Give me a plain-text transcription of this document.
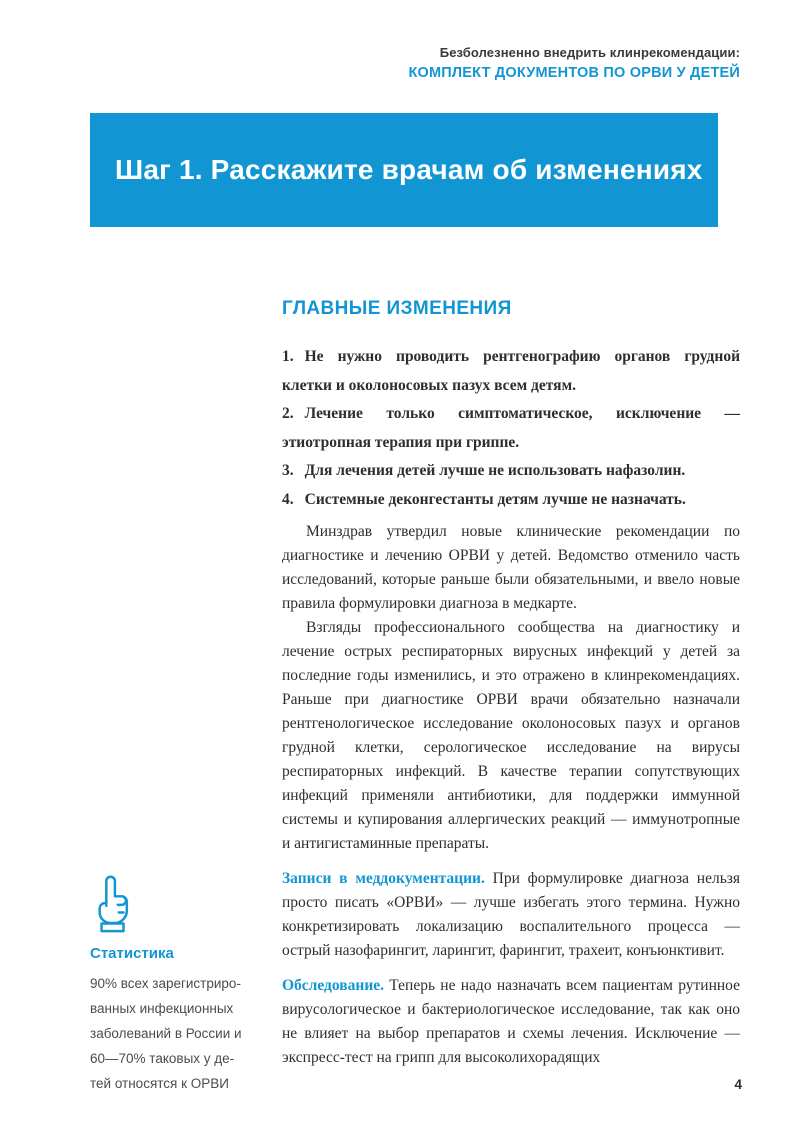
Безболезненно внедрить клинрекомендации:
КОМПЛЕКТ ДОКУМЕНТОВ ПО ОРВИ У ДЕТЕЙ
Шаг 1. Расскажите врачам об изменениях
Статистика
90% всех зарегистрированных инфекционных заболеваний в России и 60—70% таковых у детей относятся к ОРВИ
ГЛАВНЫЕ ИЗМЕНЕНИЯ
1. Не нужно проводить рентгенографию органов грудной клетки и околоносовых пазух всем детям.
2. Лечение только симптоматическое, исключение — этиотропная терапия при гриппе.
3. Для лечения детей лучше не использовать нафазолин.
4. Системные деконгестанты детям лучше не назначать.

Минздрав утвердил новые клинические рекомендации по диагностике и лечению ОРВИ у детей. Ведомство отменило часть исследований, которые раньше были обязательными, и ввело новые правила формулировки диагноза в медкарте.

Взгляды профессионального сообщества на диагностику и лечение острых респираторных вирусных инфекций у детей за последние годы изменились, и это отражено в клинрекомендациях. Раньше при диагностике ОРВИ врачи обязательно назначали рентгенологическое исследование околоносовых пазух и органов грудной клетки, серологическое исследование на вирусы респираторных инфекций. В качестве терапии сопутствующих инфекций применяли антибиотики, для поддержки иммунной системы и купирования аллергических реакций — иммунотропные и антигистаминные препараты.

Записи в меддокументации. При формулировке диагноза нельзя просто писать «ОРВИ» — лучше избегать этого термина. Нужно конкретизировать локализацию воспалительного процесса — острый назофарингит, ларингит, фарингит, трахеит, конъюнктивит.

Обследование. Теперь не надо назначать всем пациентам рутинное вирусологическое и бактериологическое исследование, так как оно не влияет на выбор препаратов и схемы лечения. Исключение — экспресс-тест на грипп для высоколихорадящих

4
